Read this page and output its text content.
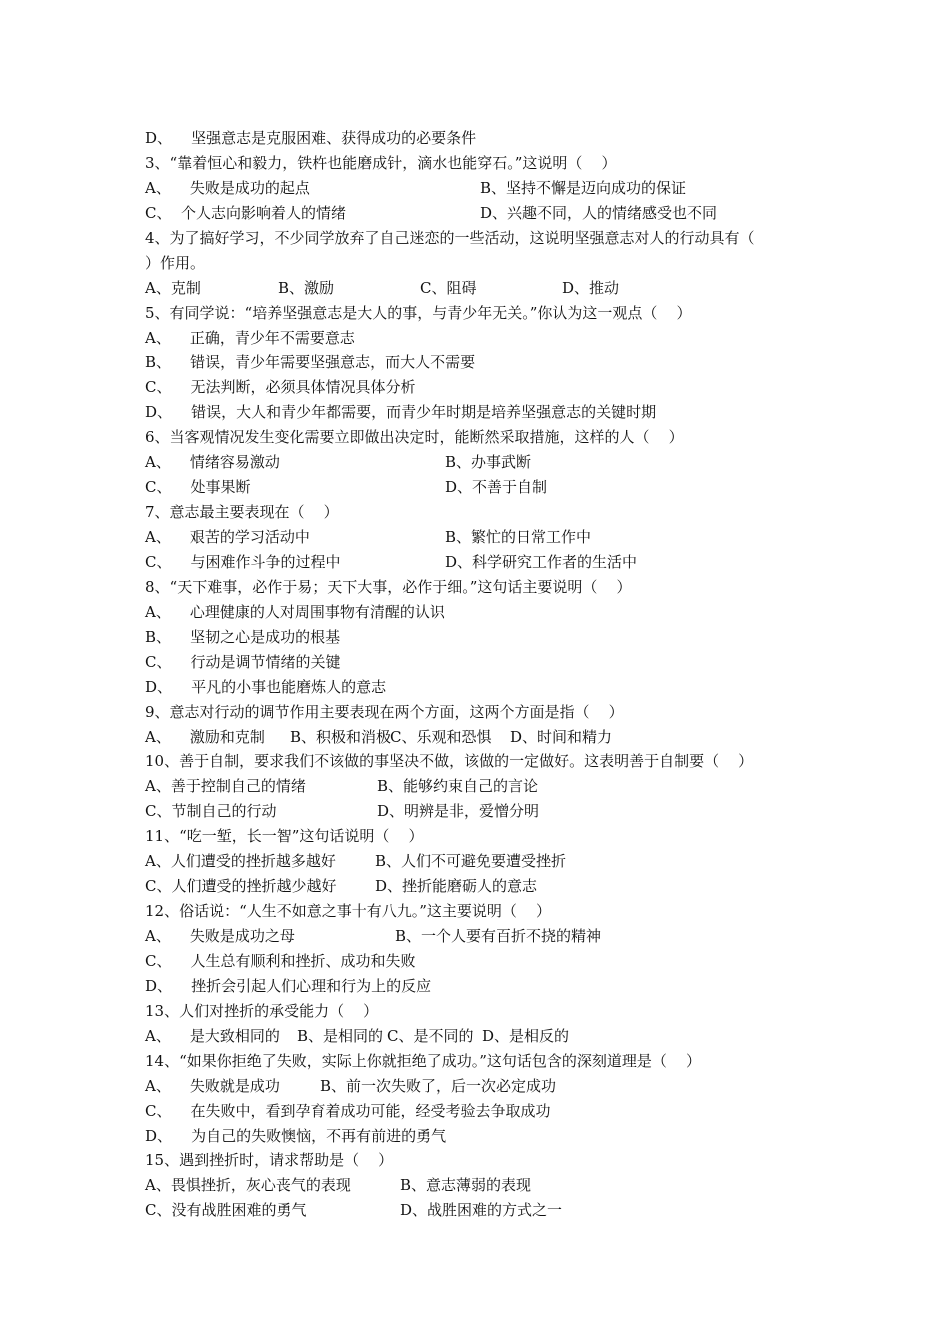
D、    坚强意志是克服困难、获得成功的必要条件
3、“靠着恒心和毅力，铁杵也能磨成针，滴水也能穿石。”这说明（    ）
A、    失败是成功的起点	B、坚持不懈是迈向成功的保证
C、  个人志向影响着人的情绪	D、兴趣不同，人的情绪感受也不同
4、为了搞好学习，不少同学放弃了自己迷恋的一些活动，这说明坚强意志对人的行动具有（
）作用。
A、克制	B、激励	C、阻碍	D、推动
5、有同学说：“培养坚强意志是大人的事，与青少年无关。”你认为这一观点（    ）
A、    正确，青少年不需要意志
B、    错误，青少年需要坚强意志，而大人不需要
C、    无法判断，必须具体情况具体分析
D、    错误，大人和青少年都需要，而青少年时期是培养坚强意志的关键时期
6、当客观情况发生变化需要立即做出决定时，能断然采取措施，这样的人（    ）
A、    情绪容易激动	B、办事武断
C、    处事果断	D、不善于自制
7、意志最主要表现在（    ）
A、    艰苦的学习活动中	B、繁忙的日常工作中
C、    与困难作斗争的过程中	D、科学研究工作者的生活中
8、“天下难事，必作于易；天下大事，必作于细。”这句话主要说明（    ）
A、    心理健康的人对周围事物有清醒的认识
B、    坚韧之心是成功的根基
C、    行动是调节情绪的关键
D、    平凡的小事也能磨炼人的意志
9、意志对行动的调节作用主要表现在两个方面，这两个方面是指（    ）
A、    激励和克制 B、积极和消极
C、乐观和恐惧 D、时间和精力
10、善于自制，要求我们不该做的事坚决不做，该做的一定做好。这表明善于自制要（    ）
A、善于控制自己的情绪	B、能够约束自己的言论
C、节制自己的行动	D、明辨是非，爱憎分明
11、“吃一堑，长一智”这句话说明（    ）
A、人们遭受的挫折越多越好	B、人们不可避免要遭受挫折
C、人们遭受的挫折越少越好	D、挫折能磨砺人的意志
12、俗话说：“人生不如意之事十有八九。”这主要说明（    ）
A、    失败是成功之母	B、一个人要有百折不挠的精神
C、    人生总有顺利和挫折、成功和失败
D、    挫折会引起人们心理和行为上的反应
13、人们对挫折的承受能力（    ）
A、    是大致相同的 B、是相同的 C、是不同的 D、是相反的
14、“如果你拒绝了失败，实际上你就拒绝了成功。”这句话包含的深刻道理是（    ）
A、    失败就是成功	B、前一次失败了，后一次必定成功
C、    在失败中，看到孕育着成功可能，经受考验去争取成功
D、    为自己的失败懊恼，不再有前进的勇气
15、遇到挫折时，请求帮助是（    ）
A、畏惧挫折，灰心丧气的表现	B、意志薄弱的表现
C、没有战胜困难的勇气	D、战胜困难的方式之一
